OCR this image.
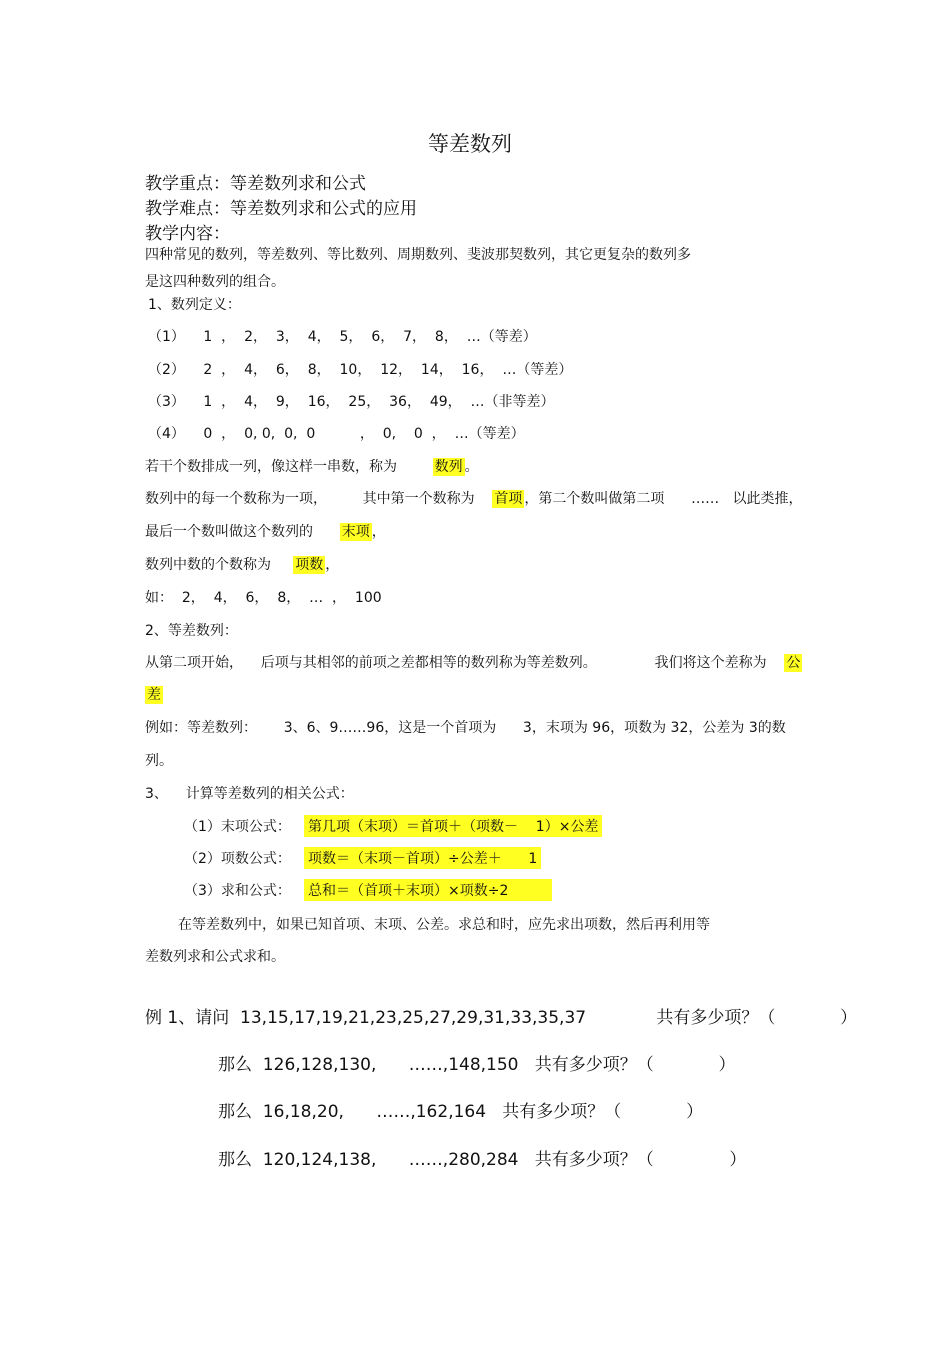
等差数列
教学重点：等差数列求和公式
教学难点：等差数列求和公式的应用
教学内容：
四种常见的数列，等差数列、等比数列、周期数列、斐波那契数列，其它更复杂的数列多
是这四种数列的组合。
1、数列定义：
（1） 1  ，  2，  3，  4，  5，  6，  7，  8，  …（等差）
（2） 2  ，  4，  6，  8，  10，  12，  14，  16，  …（等差）
（3） 1  ，  4，  9，  16，  25，  36，  49，  …（非等差）
（4） 0  ，  0, 0,  0,  0          ，  0,    0  ，  …（等差）
若干个数排成一列，像这样一串数，称为	数列 。
数列中的每一个数称为一项，        其中第一个数称为 首项 ，第二个数叫做第二项      ……   以此类推，
最后一个数叫做这个数列的 末项 ，
数列中数的个数称为 项数 ，
如：  2，  4，  6，  8，  …  ，  100
2、等差数列：
从第二项开始，    后项与其相邻的前项之差都相等的数列称为等差数列。             我们将这个差称为 公
差
例如：等差数列：      3、6、9……96，这是一个首项为      3，末项为 96，项数为 32，公差为 3的数
列。
3、    计算等差数列的相关公式：
（1）末项公式： 第几项（末项）＝首项＋（项数－    1）×公差
（2）项数公式： 项数＝（末项－首项）÷公差＋      1
（3）求和公式： 总和＝（首项＋末项）×项数÷2
在等差数列中，如果已知首项、末项、公差。求总和时，应先求出项数，然后再利用等
差数列求和公式求和。
例 1、请问  13,15,17,19,21,23,25,27,29,31,33,35,37             共有多少项？（            ）
那么  126,128,130,      ……,148,150   共有多少项？（            ）
那么  16,18,20,      ……,162,164   共有多少项？（            ）
那么  120,124,138,      ……,280,284   共有多少项？（              ）
